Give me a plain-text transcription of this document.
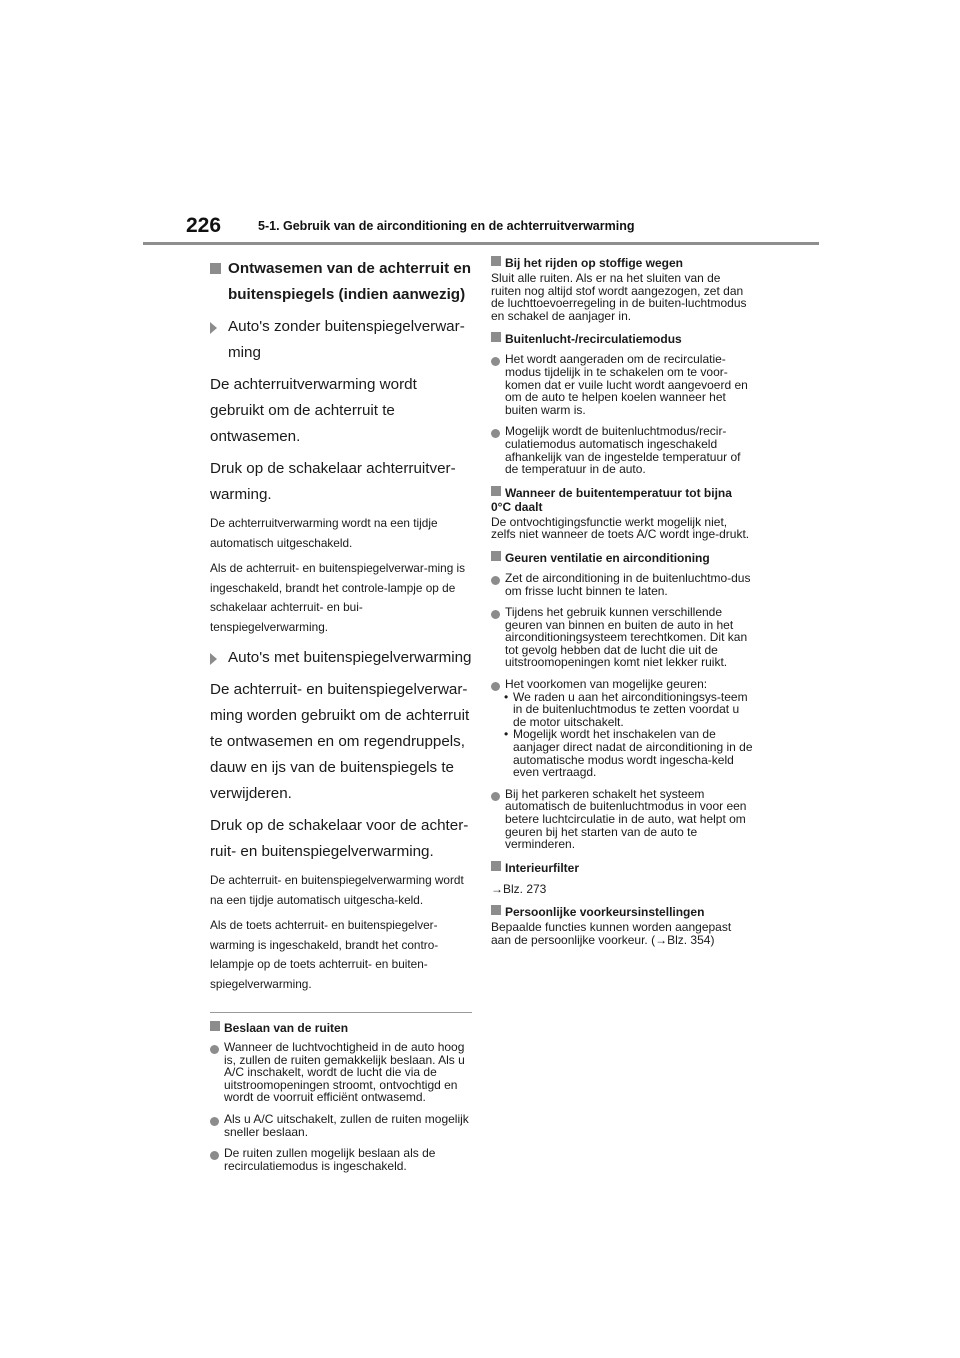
226	5-1. Gebruik van de airconditioning en de achterruitverwarming
Ontwasemen van de achterruit en buitenspiegels (indien aanwezig)
Auto's zonder buitenspiegelverwar-ming

De achterruitverwarming wordt gebruikt om de achterruit te ontwasemen.

Druk op de schakelaar achterruitver-warming.

De achterruitverwarming wordt na een tijdje automatisch uitgeschakeld.

Als de achterruit- en buitenspiegelverwar-ming is ingeschakeld, brandt het controle-lampje op de schakelaar achterruit- en bui-tenspiegelverwarming.

Auto's met buitenspiegelverwarming

De achterruit- en buitenspiegelverwar-ming worden gebruikt om de achterruit te ontwasemen en om regendruppels, dauw en ijs van de buitenspiegels te verwijderen.

Druk op de schakelaar voor de achter-ruit- en buitenspiegelverwarming.

De achterruit- en buitenspiegelverwarming wordt na een tijdje automatisch uitgescha-keld.

Als de toets achterruit- en buitenspiegelver-warming is ingeschakeld, brandt het contro-lelampje op de toets achterruit- en buiten-spiegelverwarming.

Beslaan van de ruiten
Wanneer de luchtvochtigheid in de auto hoog is, zullen de ruiten gemakkelijk beslaan. Als u A/C inschakelt, wordt de lucht die via de uitstroomopeningen stroomt, ontvochtigd en wordt de voorruit efficiënt ontwasemd.
Als u A/C uitschakelt, zullen de ruiten mogelijk sneller beslaan.
De ruiten zullen mogelijk beslaan als de recirculatiemodus is ingeschakeld.
Bij het rijden op stoffige wegen

Sluit alle ruiten. Als er na het sluiten van de ruiten nog altijd stof wordt aangezogen, zet dan de luchttoevoerregeling in de buiten-luchtmodus en schakel de aanjager in.

Buitenlucht-/recirculatiemodus
Het wordt aangeraden om de recirculatie-modus tijdelijk in te schakelen om te voor-komen dat er vuile lucht wordt aangevoerd en om de auto te helpen koelen wanneer het buiten warm is.
Mogelijk wordt de buitenluchtmodus/recir-culatiemodus automatisch ingeschakeld afhankelijk van de ingestelde temperatuur of de temperatuur in de auto.
Wanneer de buitentemperatuur tot bijna 0°C daalt

De ontvochtigingsfunctie werkt mogelijk niet, zelfs niet wanneer de toets A/C wordt inge-drukt.

Geuren ventilatie en airconditioning
Zet de airconditioning in de buitenluchtmo-dus om frisse lucht binnen te laten.
Tijdens het gebruik kunnen verschillende geuren van binnen en buiten de auto in het airconditioningsysteem terechtkomen. Dit kan tot gevolg hebben dat de lucht die uit de uitstroomopeningen komt niet lekker ruikt.
Het voorkomen van mogelijke geuren:
• We raden u aan het airconditioningsys-teem in de buitenluchtmodus te zetten voordat u de motor uitschakelt.
• Mogelijk wordt het inschakelen van de aanjager direct nadat de airconditioning in de automatische modus wordt ingescha-keld even vertraagd.
Bij het parkeren schakelt het systeem automatisch de buitenluchtmodus in voor een betere luchtcirculatie in de auto, wat helpt om geuren bij het starten van de auto te verminderen.
Interieurfilter

→Blz. 273

Persoonlijke voorkeursinstellingen

Bepaalde functies kunnen worden aangepast aan de persoonlijke voorkeur. (→Blz. 354)
